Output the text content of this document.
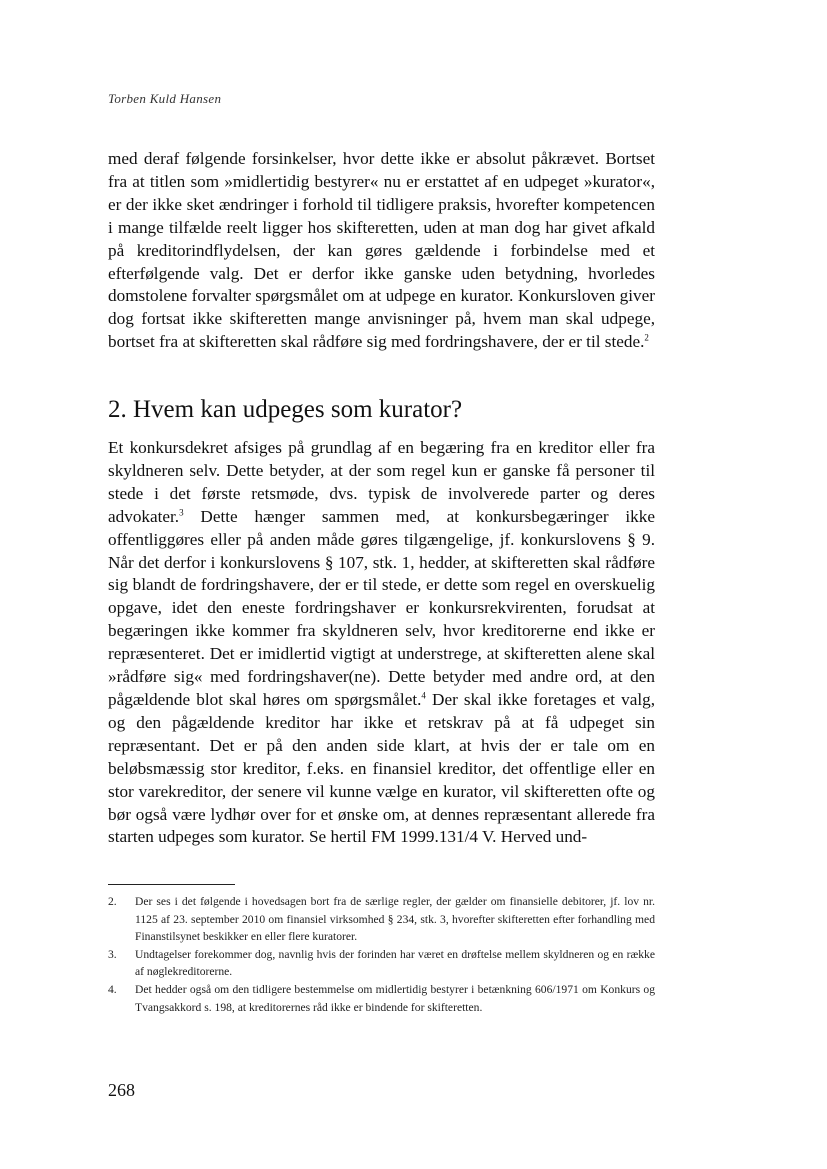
Torben Kuld Hansen

med deraf følgende forsinkelser, hvor dette ikke er absolut påkrævet. Bortset fra at titlen som »midlertidig bestyrer« nu er erstattet af en udpeget »kurator«, er der ikke sket ændringer i forhold til tidligere praksis, hvorefter kompetencen i mange tilfælde reelt ligger hos skifteretten, uden at man dog har givet afkald på kreditorindflydelsen, der kan gøres gældende i forbindelse med et efterfølgende valg. Det er derfor ikke ganske uden betydning, hvorledes domstolene forvalter spørgsmålet om at udpege en kurator. Konkursloven giver dog fortsat ikke skifteretten mange anvisninger på, hvem man skal udpege, bortset fra at skifteretten skal rådføre sig med fordringshavere, der er til stede.$^2$

2. Hvem kan udpeges som kurator?

Et konkursdekret afsiges på grundlag af en begæring fra en kreditor eller fra skyldneren selv. Dette betyder, at der som regel kun er ganske få personer til stede i det første retsmøde, dvs. typisk de involverede parter og deres advokater.$^3$ Dette hænger sammen med, at konkursbegæringer ikke offentliggøres eller på anden måde gøres tilgængelige, jf. konkurslovens § 9. Når det derfor i konkurslovens § 107, stk. 1, hedder, at skifteretten skal rådføre sig blandt de fordringshavere, der er til stede, er dette som regel en overskuelig opgave, idet den eneste fordringshaver er konkursrekvirenten, forudsat at begæringen ikke kommer fra skyldneren selv, hvor kreditorerne end ikke er repræsenteret. Det er imidlertid vigtigt at understrege, at skifteretten alene skal »rådføre sig« med fordringshaver(ne). Dette betyder med andre ord, at den pågældende blot skal høres om spørgsmålet.$^4$ Der skal ikke foretages et valg, og den pågældende kreditor har ikke et retskrav på at få udpeget sin repræsentant. Det er på den anden side klart, at hvis der er tale om en beløbsmæssig stor kreditor, f.eks. en finansiel kreditor, det offentlige eller en stor varekreditor, der senere vil kunne vælge en kurator, vil skifteretten ofte og bør også være lydhør over for et ønske om, at dennes repræsentant allerede fra starten udpeges som kurator. Se hertil FM 1999.131/4 V. Herved und-

2.	Der ses i det følgende i hovedsagen bort fra de særlige regler, der gælder om finansielle debitorer, jf. lov nr. 1125 af 23. september 2010 om finansiel virksomhed § 234, stk. 3, hvorefter skifteretten efter forhandling med Finanstilsynet beskikker en eller flere kuratorer.
3.	Undtagelser forekommer dog, navnlig hvis der forinden har været en drøftelse mellem skyldneren og en række af nøglekreditorerne.
4.	Det hedder også om den tidligere bestemmelse om midlertidig bestyrer i betænkning 606/1971 om Konkurs og Tvangsakkord s. 198, at kreditorernes råd ikke er bindende for skifteretten.
268
